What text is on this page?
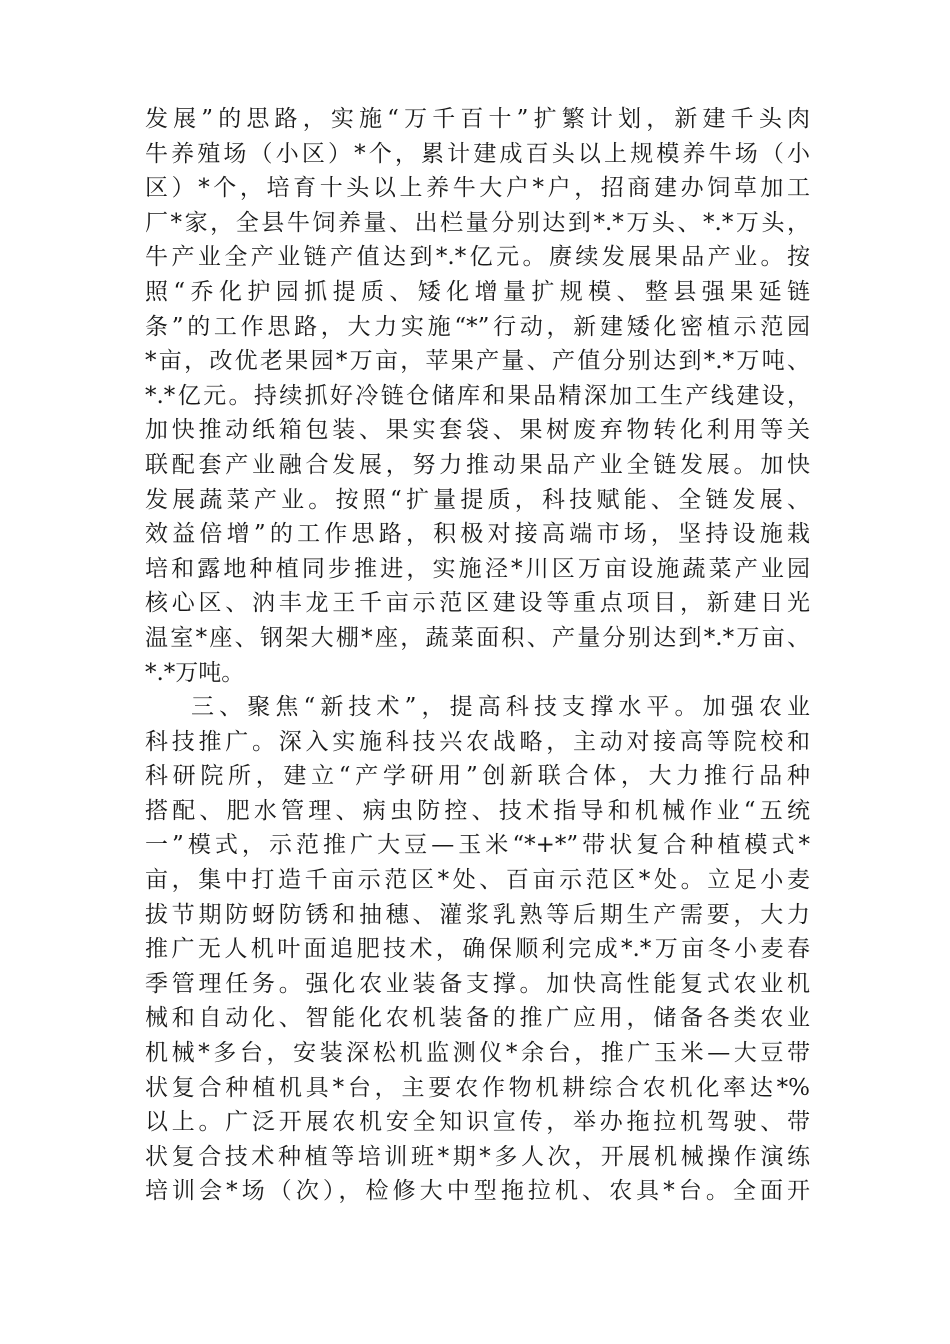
发展”的思路，实施“万千百十”扩繁计划，新建千头肉
牛养殖场（小区）*个，累计建成百头以上规模养牛场（小
区）*个，培育十头以上养牛大户*户，招商建办饲草加工
厂*家，全县牛饲养量、出栏量分别达到*.*万头、*.*万头，
牛产业全产业链产值达到*.*亿元。赓续发展果品产业。按
照“乔化护园抓提质、矮化增量扩规模、整县强果延链
条”的工作思路，大力实施“*”行动，新建矮化密植示范园
*亩，改优老果园*万亩，苹果产量、产值分别达到*.*万吨、
*.*亿元。持续抓好冷链仓储库和果品精深加工生产线建设，
加快推动纸箱包装、果实套袋、果树废弃物转化利用等关
联配套产业融合发展，努力推动果品产业全链发展。加快
发展蔬菜产业。按照“扩量提质，科技赋能、全链发展、
效益倍增”的工作思路，积极对接高端市场，坚持设施栽
培和露地种植同步推进，实施泾*川区万亩设施蔬菜产业园
核心区、汭丰龙王千亩示范区建设等重点项目，新建日光
温室*座、钢架大棚*座，蔬菜面积、产量分别达到*.*万亩、
*.*万吨。
三、聚焦“新技术”，提高科技支撑水平。加强农业
科技推广。深入实施科技兴农战略，主动对接高等院校和
科研院所，建立“产学研用”创新联合体，大力推行品种
搭配、肥水管理、病虫防控、技术指导和机械作业“五统
一”模式，示范推广大豆—玉米“*+*”带状复合种植模式*
亩，集中打造千亩示范区*处、百亩示范区*处。立足小麦
拔节期防蚜防锈和抽穗、灌浆乳熟等后期生产需要，大力
推广无人机叶面追肥技术，确保顺利完成*.*万亩冬小麦春
季管理任务。强化农业装备支撑。加快高性能复式农业机
械和自动化、智能化农机装备的推广应用，储备各类农业
机械*多台，安装深松机监测仪*余台，推广玉米—大豆带
状复合种植机具*台，主要农作物机耕综合农机化率达*%
以上。广泛开展农机安全知识宣传，举办拖拉机驾驶、带
状复合技术种植等培训班*期*多人次，开展机械操作演练
培训会*场（次），检修大中型拖拉机、农具*台。全面开
